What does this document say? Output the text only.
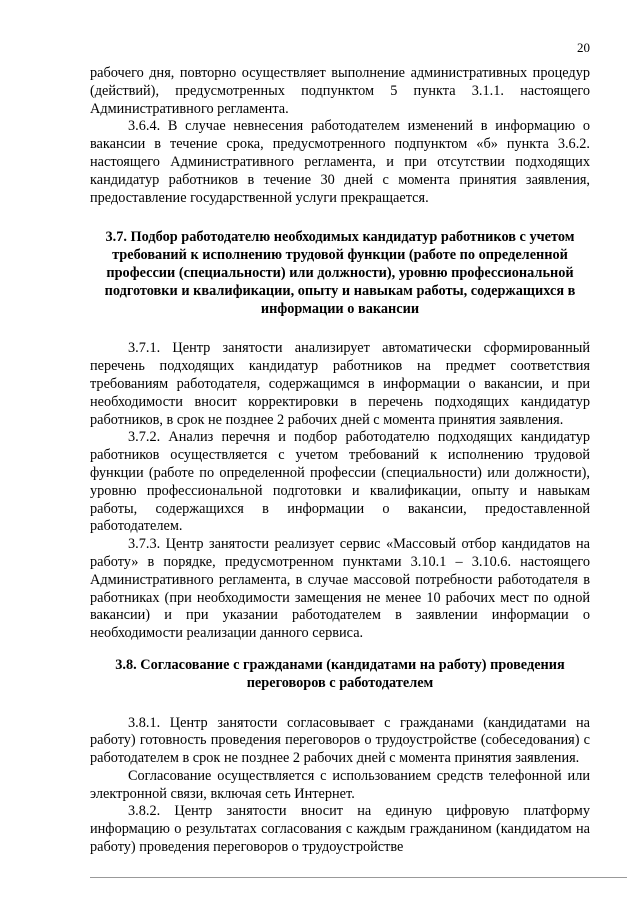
20

рабочего дня, повторно осуществляет выполнение административных процедур (действий), предусмотренных подпунктом 5 пункта 3.1.1. настоящего Административного регламента.

3.6.4. В случае невнесения работодателем изменений в информацию о вакансии в течение срока, предусмотренного подпунктом «б» пункта 3.6.2. настоящего Административного регламента, и при отсутствии подходящих кандидатур работников в течение 30 дней с момента принятия заявления, предоставление государственной услуги прекращается.

3.7. Подбор работодателю необходимых кандидатур работников с учетом требований к исполнению трудовой функции (работе по определенной профессии (специальности) или должности), уровню профессиональной подготовки и квалификации, опыту и навыкам работы, содержащихся в информации о вакансии

3.7.1. Центр занятости анализирует автоматически сформированный перечень подходящих кандидатур работников на предмет соответствия требованиям работодателя, содержащимся в информации о вакансии, и при необходимости вносит корректировки в перечень подходящих кандидатур работников, в срок не позднее 2 рабочих дней с момента принятия заявления.

3.7.2. Анализ перечня и подбор работодателю подходящих кандидатур работников осуществляется с учетом требований к исполнению трудовой функции (работе по определенной профессии (специальности) или должности), уровню профессиональной подготовки и квалификации, опыту и навыкам работы, содержащихся в информации о вакансии, предоставленной работодателем.

3.7.3. Центр занятости реализует сервис «Массовый отбор кандидатов на работу» в порядке, предусмотренном пунктами 3.10.1 – 3.10.6. настоящего Административного регламента, в случае массовой потребности работодателя в работниках (при необходимости замещения не менее 10 рабочих мест по одной вакансии) и при указании работодателем в заявлении информации о необходимости реализации данного сервиса.

3.8. Согласование с гражданами (кандидатами на работу) проведения переговоров с работодателем

3.8.1. Центр занятости согласовывает с гражданами (кандидатами на работу) готовность проведения переговоров о трудоустройстве (собеседования) с работодателем в срок не позднее 2 рабочих дней с момента принятия заявления.

Согласование осуществляется с использованием средств телефонной или электронной связи, включая сеть Интернет.

3.8.2. Центр занятости вносит на единую цифровую платформу информацию о результатах согласования с каждым гражданином (кандидатом на работу) проведения переговоров о трудоустройстве
